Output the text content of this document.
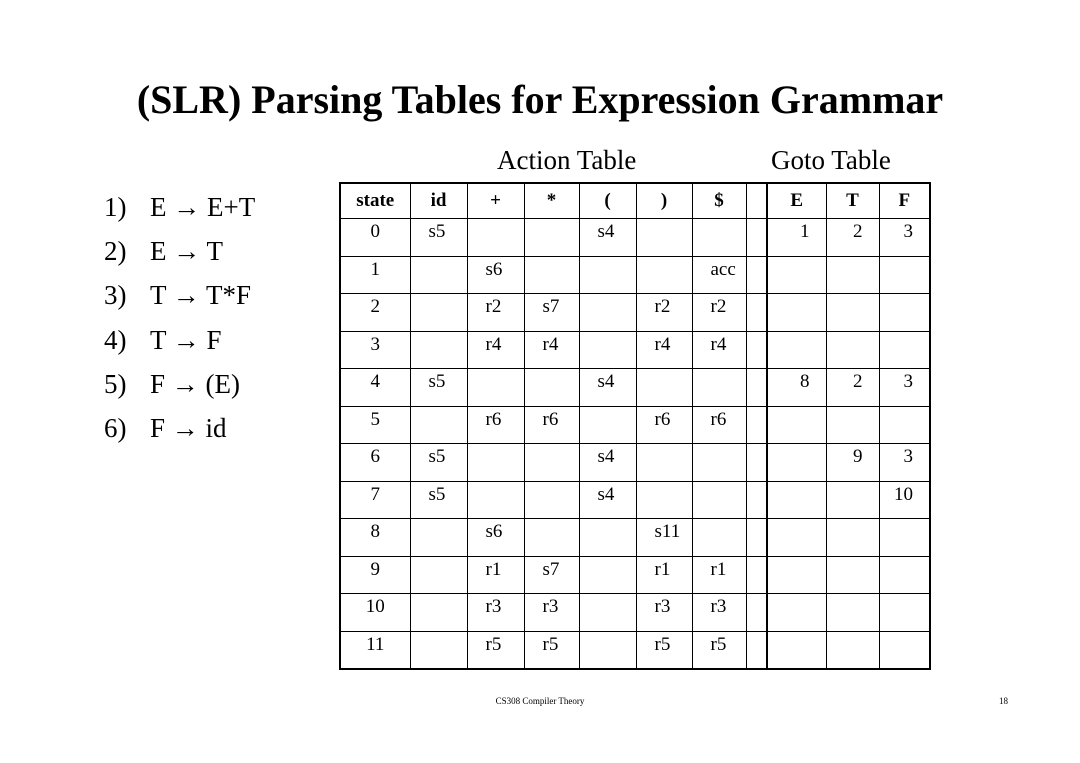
(SLR) Parsing Tables for Expression Grammar
Action Table	Goto Table
1) E → E+T
2) E → T
3) T → T*F
4) T → F
5) F → (E)
6) F → id
state	id	+	*	(	)	$		E	T	F
0	s5			s4				1	2	3
1		s6				acc				
2		r2	s7		r2	r2				
3		r4	r4		r4	r4				
4	s5			s4				8	2	3
5		r6	r6		r6	r6				
6	s5			s4					9	3
7	s5			s4						10
8		s6			s11					
9		r1	s7		r1	r1				
10		r3	r3		r3	r3				
11		r5	r5		r5	r5				
CS308 Compiler Theory	18
